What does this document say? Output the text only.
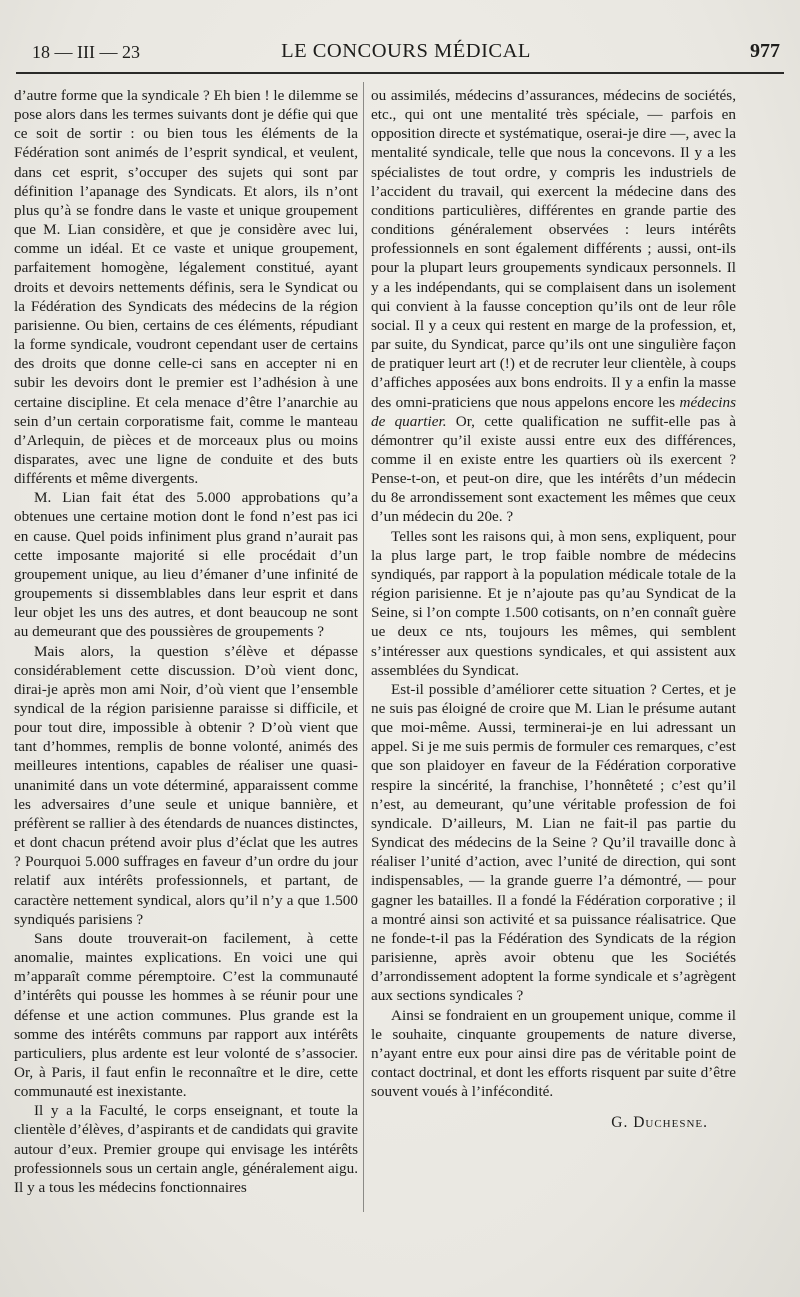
18 — III — 23	LE CONCOURS MÉDICAL	977

d’autre forme que la syndicale ? Eh bien ! le dilemme se pose alors dans les termes suivants dont je défie qui que ce soit de sortir : ou bien tous les éléments de la Fédération sont animés de l’esprit syndical, et veulent, dans cet esprit, s’occuper des sujets qui sont par définition l’apanage des Syndicats. Et alors, ils n’ont plus qu’à se fondre dans le vaste et unique groupement que M. Lian considère, et que je considère avec lui, comme un idéal. Et ce vaste et unique groupement, parfaitement homogène, légalement constitué, ayant droits et devoirs nettements définis, sera le Syndicat ou la Fédération des Syndicats des médecins de la région parisienne. Ou bien, certains de ces éléments, répudiant la forme syndicale, voudront cependant user de certains des droits que donne celle-ci sans en accepter ni en subir les devoirs dont le premier est l’adhésion à une certaine discipline. Et cela menace d’être l’anarchie au sein d’un certain corporatisme fait, comme le manteau d’Arlequin, de pièces et de morceaux plus ou moins disparates, avec une ligne de conduite et des buts différents et même divergents.

M. Lian fait état des 5.000 approbations qu’a obtenues une certaine motion dont le fond n’est pas ici en cause. Quel poids infiniment plus grand n’aurait pas cette imposante majorité si elle procédait d’un groupement unique, au lieu d’émaner d’une infinité de groupements si dissemblables dans leur esprit et dans leur objet les uns des autres, et dont beaucoup ne sont au demeurant que des poussières de groupements ?

Mais alors, la question s’élève et dépasse considérablement cette discussion. D’où vient donc, dirai-je après mon ami Noir, d’où vient que l’ensemble syndical de la région parisienne paraisse si difficile, et pour tout dire, impossible à obtenir ? D’où vient que tant d’hommes, remplis de bonne volonté, animés des meilleures intentions, capables de réaliser une quasi-unanimité dans un vote déterminé, apparaissent comme les adversaires d’une seule et unique bannière, et préfèrent se rallier à des étendards de nuances distinctes, et dont chacun prétend avoir plus d’éclat que les autres ? Pourquoi 5.000 suffrages en faveur d’un ordre du jour relatif aux intérêts professionnels, et partant, de caractère nettement syndical, alors qu’il n’y a que 1.500 syndiqués parisiens ?

Sans doute trouverait-on facilement, à cette anomalie, maintes explications. En voici une qui m’apparaît comme péremptoire. C’est la communauté d’intérêts qui pousse les hommes à se réunir pour une défense et une action communes. Plus grande est la somme des intérêts communs par rapport aux intérêts particuliers, plus ardente est leur volonté de s’associer. Or, à Paris, il faut enfin le reconnaître et le dire, cette communauté est inexistante.

Il y a la Faculté, le corps enseignant, et toute la clientèle d’élèves, d’aspirants et de candidats qui gravite autour d’eux. Premier groupe qui envisage les intérêts professionnels sous un certain angle, généralement aigu. Il y a tous les médecins fonctionnaires

ou assimilés, médecins d’assurances, médecins de sociétés, etc., qui ont une mentalité très spéciale, — parfois en opposition directe et systématique, oserai-je dire —, avec la mentalité syndicale, telle que nous la concevons. Il y a les spécialistes de tout ordre, y compris les industriels de l’accident du travail, qui exercent la médecine dans des conditions particulières, différentes en grande partie des conditions généralement observées : leurs intérêts professionnels en sont également différents ; aussi, ont-ils pour la plupart leurs groupements syndicaux personnels. Il y a les indépendants, qui se complaisent dans un isolement qui convient à la fausse conception qu’ils ont de leur rôle social. Il y a ceux qui restent en marge de la profession, et, par suite, du Syndicat, parce qu’ils ont une singulière façon de pratiquer leurt art (!) et de recruter leur clientèle, à coups d’affiches apposées aux bons endroits. Il y a enfin la masse des omni-praticiens que nous appelons encore les médecins de quartier. Or, cette qualification ne suffit-elle pas à démontrer qu’il existe aussi entre eux des différences, comme il en existe entre les quartiers où ils exercent ? Pense-t-on, et peut-on dire, que les intérêts d’un médecin du 8e arrondissement sont exactement les mêmes que ceux d’un médecin du 20e. ?

Telles sont les raisons qui, à mon sens, expliquent, pour la plus large part, le trop faible nombre de médecins syndiqués, par rapport à la population médicale totale de la région parisienne. Et je n’ajoute pas qu’au Syndicat de la Seine, si l’on compte 1.500 cotisants, on n’en connaît guère ue deux ce nts, toujours les mêmes, qui semblent s’intéresser aux questions syndicales, et qui assistent aux assemblées du Syndicat.

Est-il possible d’améliorer cette situation ? Certes, et je ne suis pas éloigné de croire que M. Lian le présume autant que moi-même. Aussi, terminerai-je en lui adressant un appel. Si je me suis permis de formuler ces remarques, c’est que son plaidoyer en faveur de la Fédération corporative respire la sincérité, la franchise, l’honnêteté ; c’est qu’il n’est, au demeurant, qu’une véritable profession de foi syndicale. D’ailleurs, M. Lian ne fait-il pas partie du Syndicat des médecins de la Seine ? Qu’il travaille donc à réaliser l’unité d’action, avec l’unité de direction, qui sont indispensables, — la grande guerre l’a démontré, — pour gagner les batailles. Il a fondé la Fédération corporative ; il a montré ainsi son activité et sa puissance réalisatrice. Que ne fonde-t-il pas la Fédération des Syndicats de la région parisienne, après avoir obtenu que les Sociétés d’arrondissement adoptent la forme syndicale et s’agrègent aux sections syndicales ?

Ainsi se fondraient en un groupement unique, comme il le souhaite, cinquante groupements de nature diverse, n’ayant entre eux pour ainsi dire pas de véritable point de contact doctrinal, et dont les efforts risquent par suite d’être souvent voués à l’infécondité.

G. Duchesne.
